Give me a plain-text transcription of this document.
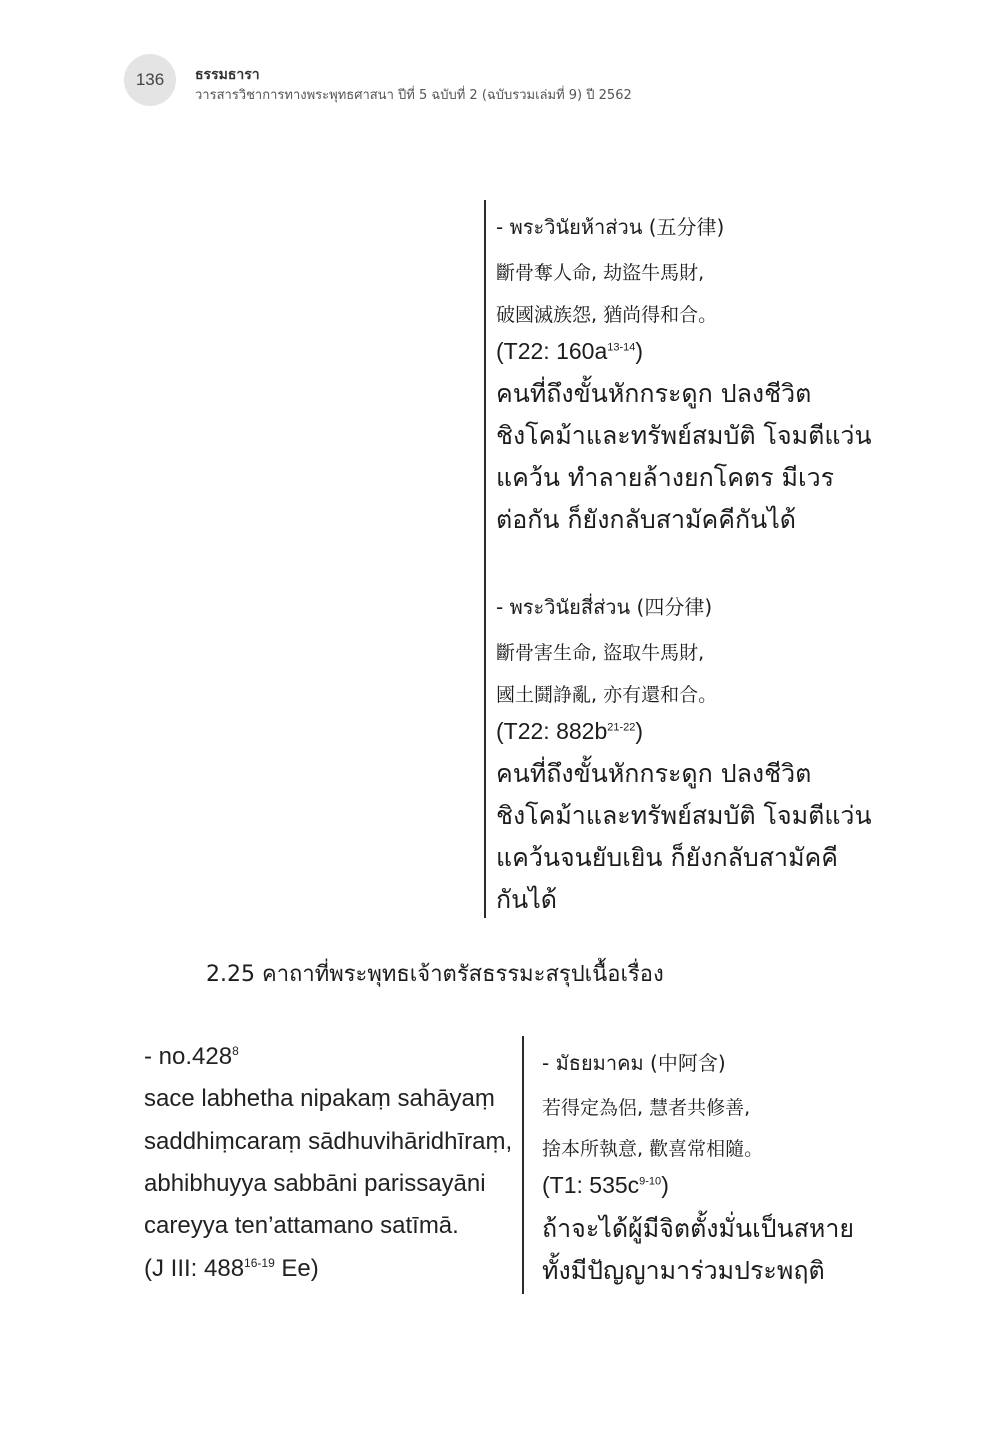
136	ธรรมธารา
วารสารวิชาการทางพระพุทธศาสนา ปีที่ 5 ฉบับที่ 2 (ฉบับรวมเล่มที่ 9) ปี 2562
- พระวินัยห้าส่วน (五分律)
斷骨奪人命, 劫盜牛馬財,
破國滅族怨, 猶尚得和合。
(T22: $160a^{13-14}$)
คนที่ถึงขั้นหักกระดูก ปลงชีวิต
ชิงโคม้าและทรัพย์สมบัติ โจมตีแว่น
แคว้น ทำลายล้างยกโคตร มีเวร
ต่อกัน ก็ยังกลับสามัคคีกันได้
- พระวินัยสี่ส่วน (四分律)
斷骨害生命, 盜取牛馬財,
國土鬪諍亂, 亦有還和合。
(T22: $882b^{21-22}$)
คนที่ถึงขั้นหักกระดูก ปลงชีวิต
ชิงโคม้าและทรัพย์สมบัติ โจมตีแว่น
แคว้นจนยับเยิน ก็ยังกลับสามัคคี
กันได้
2.25 คาถาที่พระพุทธเจ้าตรัสธรรมะสรุปเนื้อเรื่อง
- no.428$^8$
sace labhetha nipakaṃ sahāyaṃ
saddhiṃcaraṃ sādhuvihāridhīraṃ,
abhibhuyya sabbāni parissayāni
careyya ten’attamano satīmā.
(J III: 488$^{16-19}$ Ee)
- มัธยมาคม (中阿含)
若得定為侶, 慧者共修善,
捨本所執意, 歡喜常相隨。
(T1: $535c^{9-10}$)
ถ้าจะได้ผู้มีจิตตั้งมั่นเป็นสหาย
ทั้งมีปัญญามาร่วมประพฤติ
